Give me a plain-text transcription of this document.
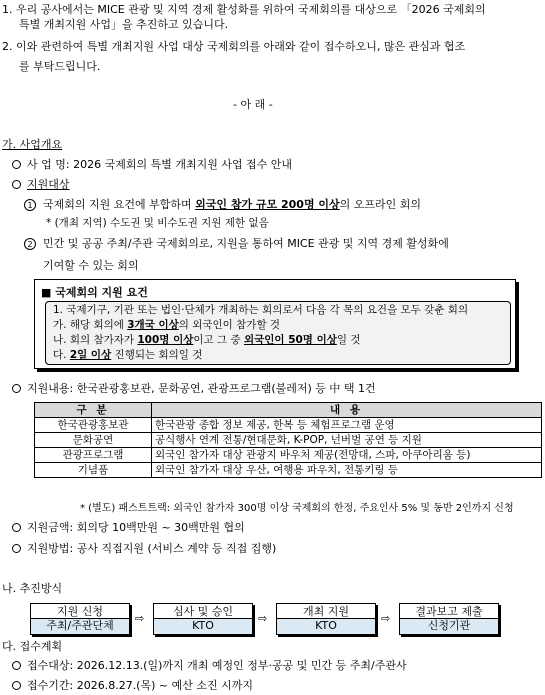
1. 우리 공사에서는 MICE 관광 및 지역 경제 활성화를 위하여 국제회의를 대상으로 「2026 국제회의
특별 개최지원 사업」을 추진하고 있습니다.
2. 이와 관련하여 특별 개최지원 사업 대상 국제회의를 아래와 같이 접수하오니, 많은 관심과 협조
를 부탁드립니다.
- 아 래 -
가. 사업개요
사 업 명: 2026 국제회의 특별 개최지원 사업 접수 안내
지원대상
1 국제회의 지원 요건에 부합하며 외국인 참가 규모 200명 이상의 오프라인 회의
* (개최 지역) 수도권 및 비수도권 지원 제한 없음
2 민간 및 공공 주최/주관 국제회의로, 지원을 통하여 MICE 관광 및 지역 경제 활성화에
기여할 수 있는 회의
■ 국제회의 지원 요건
1. 국제기구, 기관 또는 법인·단체가 개최하는 회의로서 다음 각 목의 요건을 모두 갖춘 회의
가. 해당 회의에 3개국 이상의 외국인이 참가할 것
나. 회의 참가자가 100명 이상이고 그 중 외국인이 50명 이상일 것
다. 2일 이상 진행되는 회의일 것
지원내용: 한국관광홍보관, 문화공연, 관광프로그램(불레저) 등 中 택 1건
구 분	내 용
한국관광홍보관	한국관광 종합 정보 제공, 한복 등 체험프로그램 운영
문화공연	공식행사 연계 전통/현대문화, K-POP, 넌버벌 공연 등 지원
관광프로그램	외국인 참가자 대상 관광지 바우처 제공(전망대, 스파, 아쿠아리움 등)
기념품	외국인 참가자 대상 우산, 여행용 파우치, 전통키링 등
* (별도) 패스트트랙: 외국인 참가자 300명 이상 국제회의 한정, 주요인사 5% 및 동반 2인까지 신청
지원금액: 회의당 10백만원 ~ 30백만원 협의
지원방법: 공사 직접지원 (서비스 계약 등 직접 집행)
나. 추진방식
지원 신청
주최/주관단체
⇨
심사 및 승인
KTO
⇨
개최 지원
KTO
⇨
결과보고 제출
신청기관
다. 접수계획
접수대상: 2026.12.13.(일)까지 개최 예정인 정부·공공 및 민간 등 주최/주관사
접수기간: 2026.8.27.(목) ~ 예산 소진 시까지
